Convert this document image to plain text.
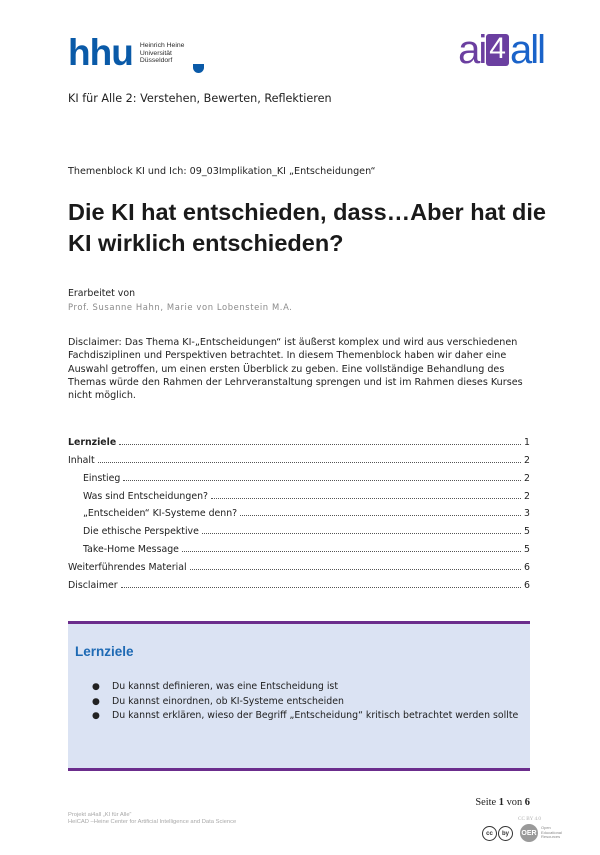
hhu Heinrich Heine
Universität
Düsseldorf	ai 4 all
KI für Alle 2: Verstehen, Bewerten, Reflektieren
Themenblock KI und Ich: 09_03Implikation_KI „Entscheidungen“
Die KI hat entschieden, dass…Aber hat die KI wirklich entschieden?
Erarbeitet von
Prof. Susanne Hahn, Marie von Lobenstein M.A.

Disclaimer: Das Thema KI-„Entscheidungen“ ist äußerst komplex und wird aus verschiedenen Fachdisziplinen und Perspektiven betrachtet. In diesem Themenblock haben wir daher eine Auswahl getroffen, um einen ersten Überblick zu geben. Eine vollständige Behandlung des Themas würde den Rahmen der Lehrveranstaltung sprengen und ist im Rahmen dieses Kurses nicht möglich.

Lernziele	1
Inhalt	2
Einstieg	2
Was sind Entscheidungen?	2
„Entscheiden“ KI-Systeme denn?	3
Die ethische Perspektive	5
Take-Home Message	5
Weiterführendes Material	6
Disclaimer	6
Lernziele
● Du kannst definieren, was eine Entscheidung ist
● Du kannst einordnen, ob KI-Systeme entscheiden
● Du kannst erklären, wieso der Begriff „Entscheidung“ kritisch betrachtet werden sollte
Seite 1 von 6
Projekt ai4all „KI für Alle“
HeiCAD –Heine Center for Artificial Intelligence and Data Science	CC BY 4.0
cc	by	OER
Open
Educational
Resources
